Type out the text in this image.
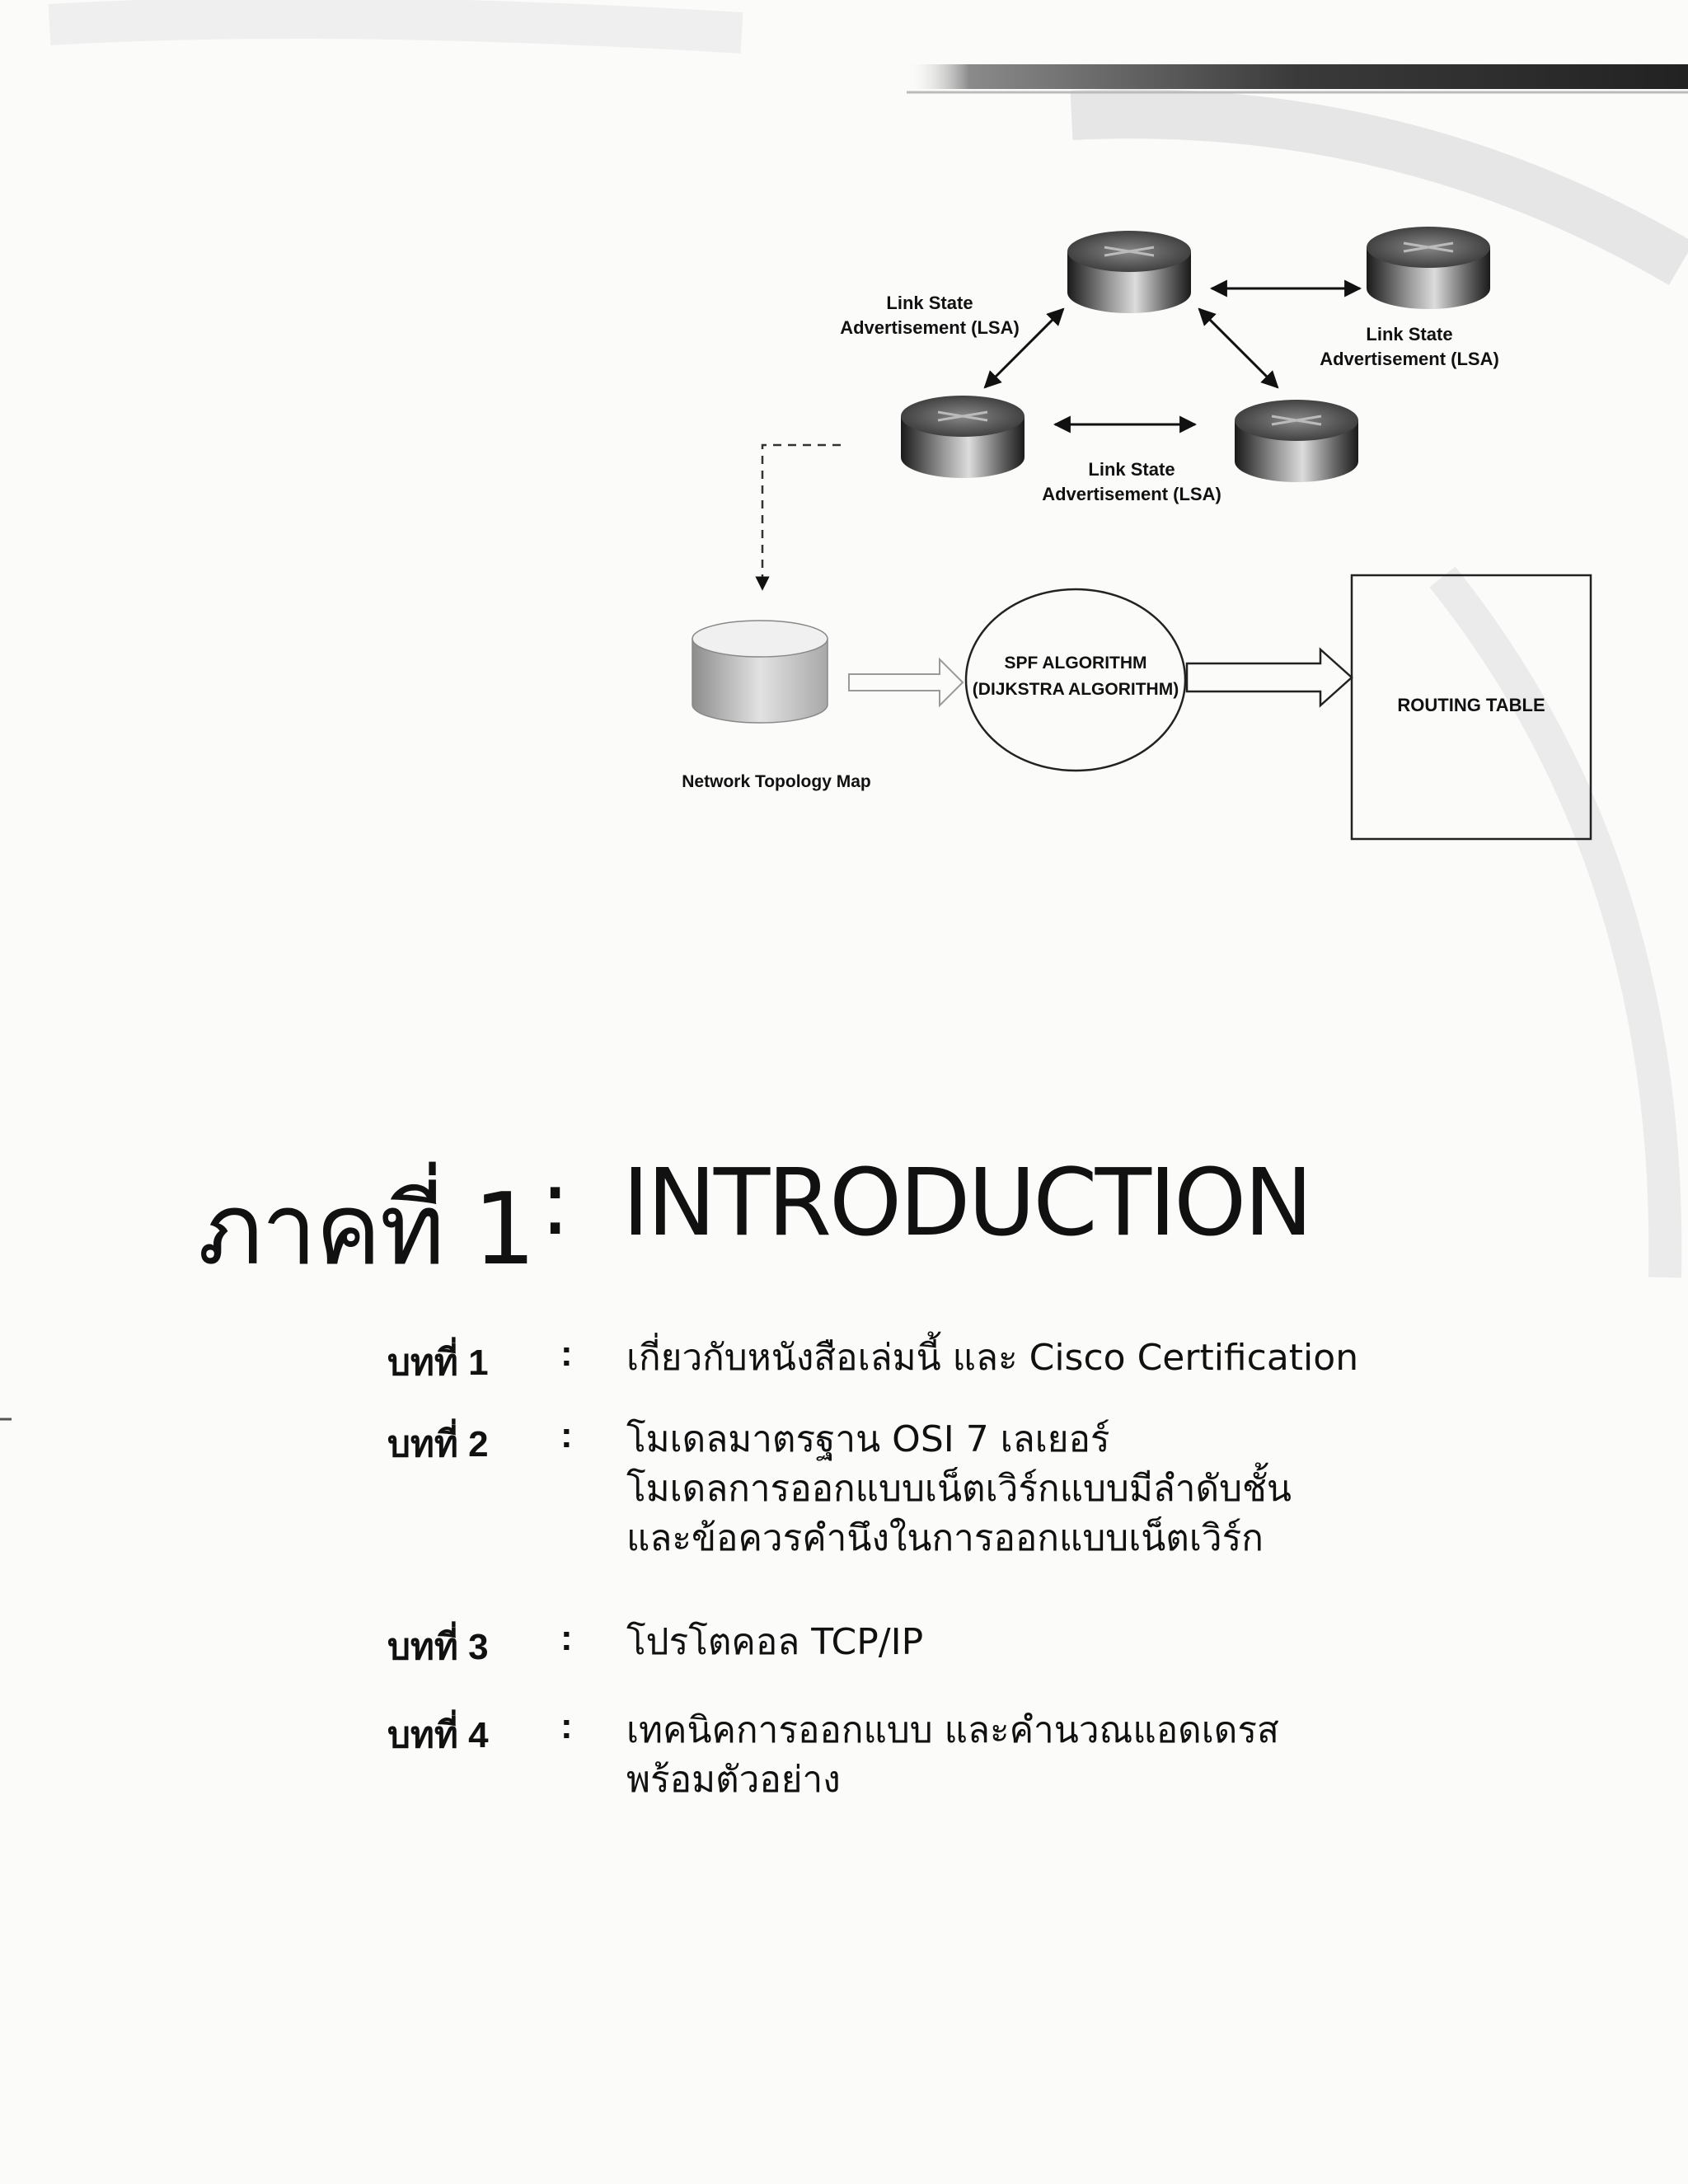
Link State
Advertisement (LSA)	Link State
Advertisement (LSA)
Link State
Advertisement (LSA)
SPF ALGORITHM
(DIJKSTRA ALGORITHM)
ROUTING TABLE
Network Topology Map
ภาคที่ 1 : INTRODUCTION
บทที่ 1 : เกี่ยวกับหนังสือเล่มนี้ และ Cisco Certification
บทที่ 2 : โมเดลมาตรฐาน OSI 7 เลเยอร์
โมเดลการออกแบบเน็ตเวิร์กแบบมีลำดับชั้น
และข้อควรคำนึงในการออกแบบเน็ตเวิร์ก
บทที่ 3 : โปรโตคอล TCP/IP
บทที่ 4 : เทคนิคการออกแบบ และคำนวณแอดเดรส
พร้อมตัวอย่าง
